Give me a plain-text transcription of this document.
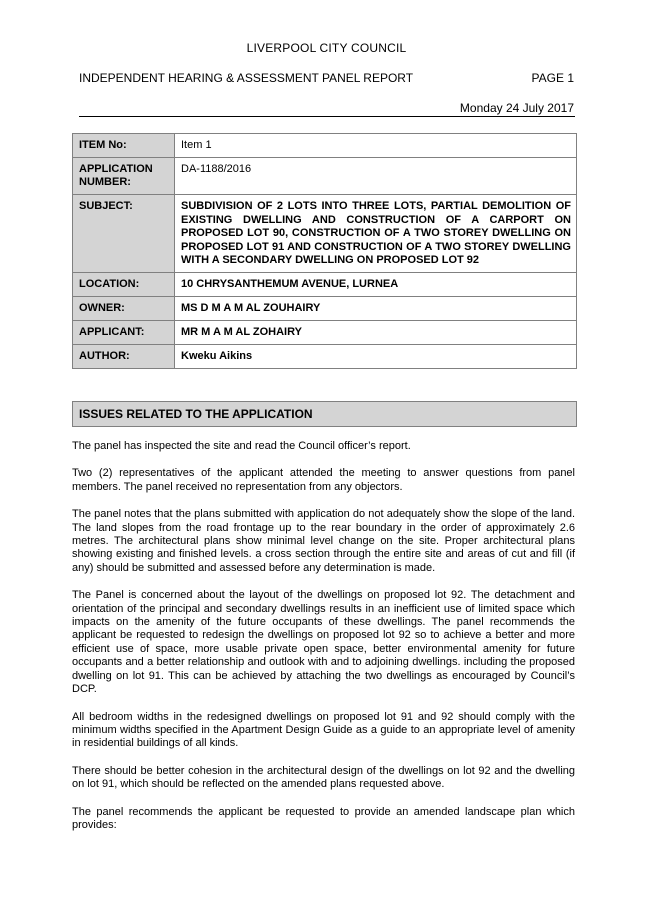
LIVERPOOL CITY COUNCIL
INDEPENDENT HEARING & ASSESSMENT PANEL REPORT	PAGE 1
Monday 24 July 2017
ITEM No:	Item 1
APPLICATION NUMBER:	DA-1188/2016
SUBJECT:	SUBDIVISION OF 2 LOTS INTO THREE LOTS, PARTIAL DEMOLITION OF EXISTING DWELLING AND CONSTRUCTION OF A CARPORT ON PROPOSED LOT 90, CONSTRUCTION OF A TWO STOREY DWELLING ON PROPOSED LOT 91 AND CONSTRUCTION OF A TWO STOREY DWELLING WITH A SECONDARY DWELLING ON PROPOSED LOT 92
LOCATION:	10 CHRYSANTHEMUM AVENUE, LURNEA
OWNER:	MS D M A M AL ZOUHAIRY
APPLICANT:	MR M A M AL ZOHAIRY
AUTHOR:	Kweku Aikins
ISSUES RELATED TO THE APPLICATION

The panel has inspected the site and read the Council officer’s report.

Two (2) representatives of the applicant attended the meeting to answer questions from panel members. The panel received no representation from any objectors.

The panel notes that the plans submitted with application do not adequately show the slope of the land. The land slopes from the road frontage up to the rear boundary in the order of approximately 2.6 metres. The architectural plans show minimal level change on the site. Proper architectural plans showing existing and finished levels. a cross section through the entire site and areas of cut and fill (if any) should be submitted and assessed before any determination is made.

The Panel is concerned about the layout of the dwellings on proposed lot 92. The detachment and orientation of the principal and secondary dwellings results in an inefficient use of limited space which impacts on the amenity of the future occupants of these dwellings. The panel recommends the applicant be requested to redesign the dwellings on proposed lot 92 so to achieve a better and more efficient use of space, more usable private open space, better environmental amenity for future occupants and a better relationship and outlook with and to adjoining dwellings. including the proposed dwelling on lot 91. This can be achieved by attaching the two dwellings as encouraged by Council’s DCP.

All bedroom widths in the redesigned dwellings on proposed lot 91 and 92 should comply with the minimum widths specified in the Apartment Design Guide as a guide to an appropriate level of amenity in residential buildings of all kinds.

There should be better cohesion in the architectural design of the dwellings on lot 92 and the dwelling on lot 91, which should be reflected on the amended plans requested above.

The panel recommends the applicant be requested to provide an amended landscape plan which provides:
